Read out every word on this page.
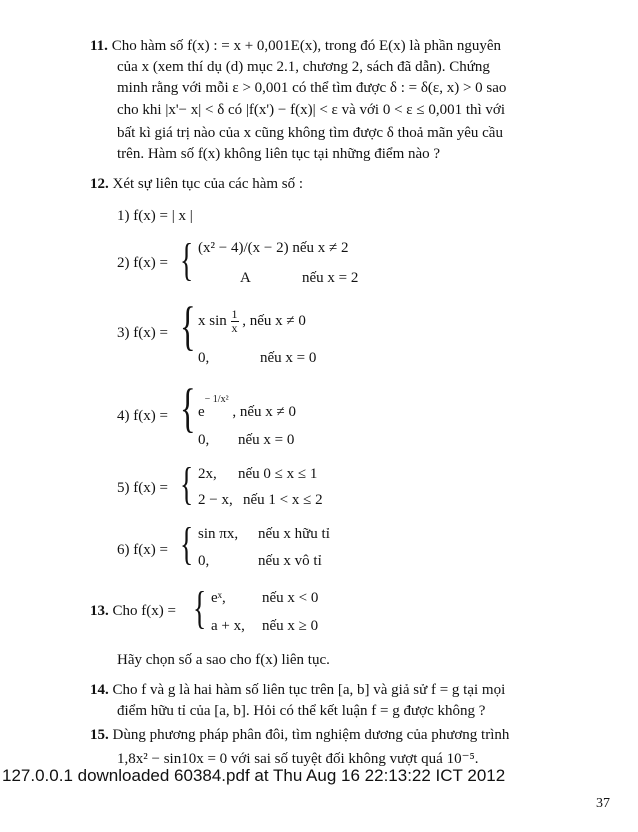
11. Cho hàm số f(x) : = x + 0,001E(x), trong đó E(x) là phần nguyên
của x (xem thí dụ (d) mục 2.1, chương 2, sách đã dẫn). Chứng
minh rằng với mỗi ε > 0,001 có thể tìm được δ : = δ(ε, x) > 0 sao
cho khi |x'− x| < δ có |f(x') − f(x)| < ε và với 0 < ε ≤ 0,001 thì với
bất kì giá trị nào của x cũng không tìm được δ thoả mãn yêu cầu
trên. Hàm số f(x) không liên tục tại những điểm nào ?
12. Xét sự liên tục của các hàm số :
1) f(x) = | x |
2) f(x) = { (x² − 4)/(x − 2) nếu x ≠ 2
A	nếu x = 2
3) f(x) = { x $\sin \frac{1}{x}$ , nếu x ≠ 0
0,	nếu x = 0
4) f(x) = { $e^{- 1/x^2}$ , nếu x ≠ 0
0, nếu x = 0
5) f(x) = { 2x, nếu 0 ≤ x ≤ 1
2 − x, nếu 1 < x ≤ 2
6) f(x) = { sin πx, nếu x hữu tỉ
0,	nếu x vô tỉ
13. Cho f(x) = { eˣ, nếu x < 0
a + x, nếu x ≥ 0
Hãy chọn số a sao cho f(x) liên tục.
14. Cho f và g là hai hàm số liên tục trên [a, b] và giả sử f = g tại mọi
điểm hữu tỉ của [a, b]. Hỏi có thể kết luận f = g được không ?
15. Dùng phương pháp phân đôi, tìm nghiệm dương của phương trình
1,8x² − sin10x = 0 với sai số tuyệt đối không vượt quá 10⁻⁵.
127.0.0.1 downloaded 60384.pdf at Thu Aug 16 22:13:22 ICT 2012
37
